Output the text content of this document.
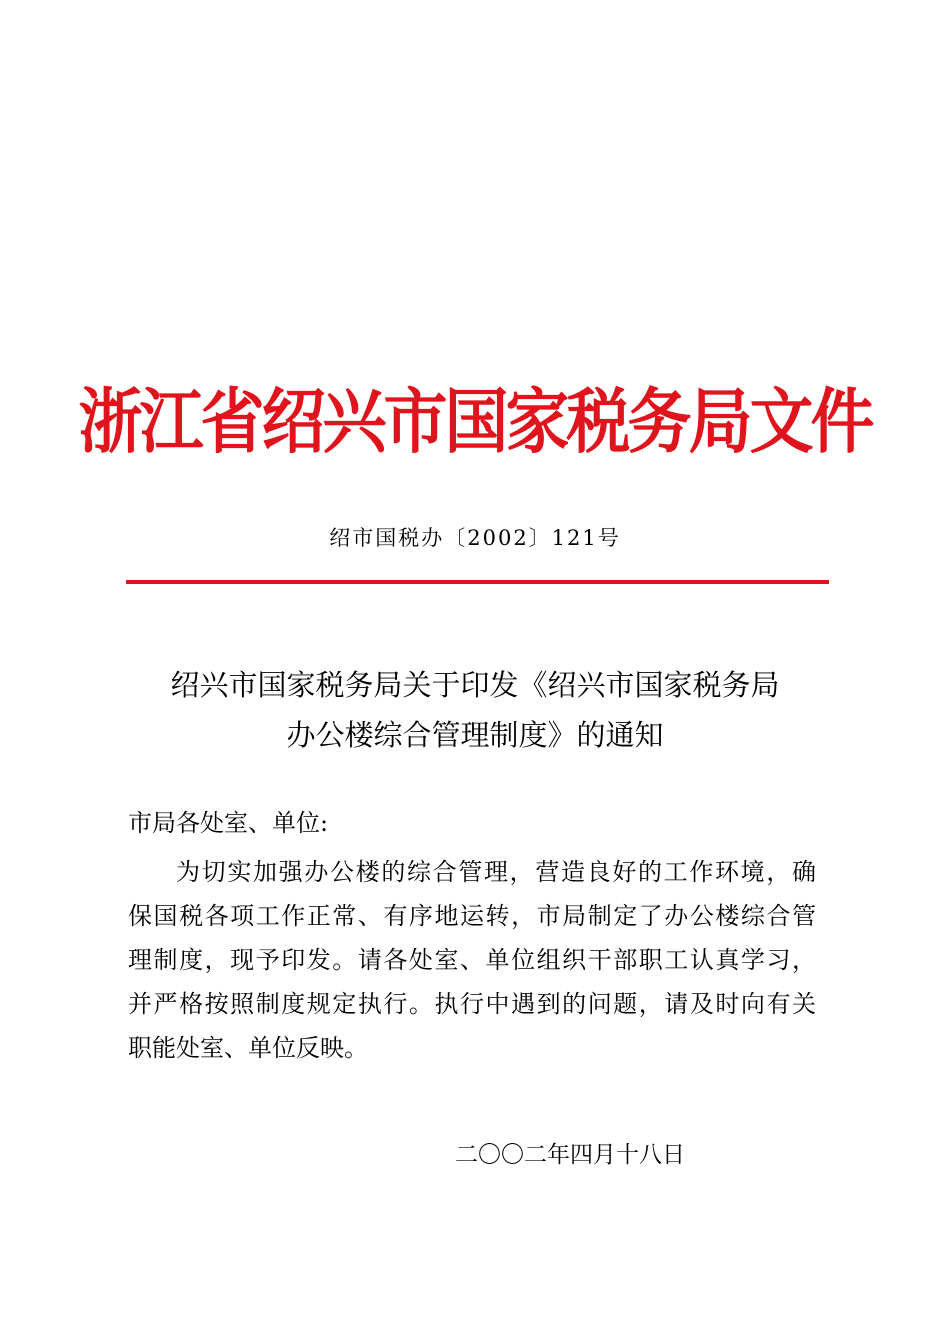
浙江省绍兴市国家税务局文件
绍市国税办〔2002〕121号
绍兴市国家税务局关于印发《绍兴市国家税务局
办公楼综合管理制度》的通知
市局各处室、单位:
为切实加强办公楼的综合管理，营造良好的工作环境，确
保国税各项工作正常、有序地运转，市局制定了办公楼综合管
理制度，现予印发。请各处室、单位组织干部职工认真学习，
并严格按照制度规定执行。执行中遇到的问题，请及时向有关
职能处室、单位反映。
二〇〇二年四月十八日
